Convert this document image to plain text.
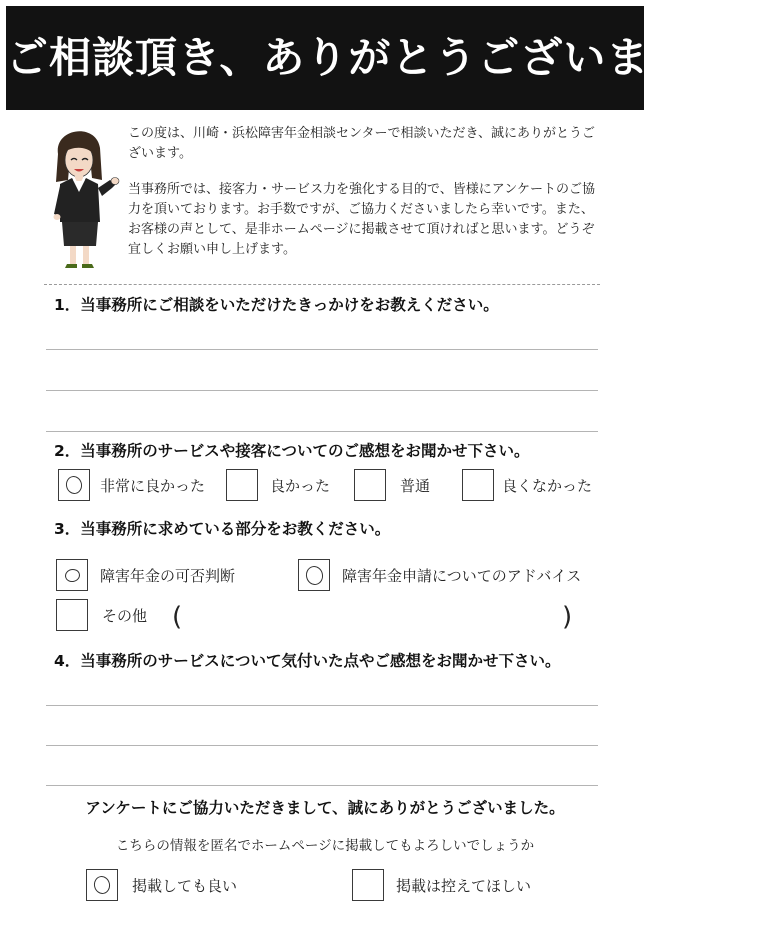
ご相談頂き、ありがとうございました！

この度は、川崎・浜松障害年金相談センターで相談いただき、誠にありがとうございます。

当事務所では、接客力・サービス力を強化する目的で、皆様にアンケートのご協力を頂いております。お手数ですが、ご協力くださいましたら幸いです。また、お客様の声として、是非ホームページに掲載させて頂ければと思います。どうぞ宜しくお願い申し上げます。

1．当事務所にご相談をいただけたきっかけをお教えください。
2．当事務所のサービスや接客についてのご感想をお聞かせ下さい。
非常に良かった	良かった	普通	良くなかった
3．当事務所に求めている部分をお教ください。
障害年金の可否判断	障害年金申請についてのアドバイス
その他 (	)
4．当事務所のサービスについて気付いた点やご感想をお聞かせ下さい。
アンケートにご協力いただきまして、誠にありがとうございました。
こちらの情報を匿名でホームページに掲載してもよろしいでしょうか
掲載しても良い	掲載は控えてほしい
